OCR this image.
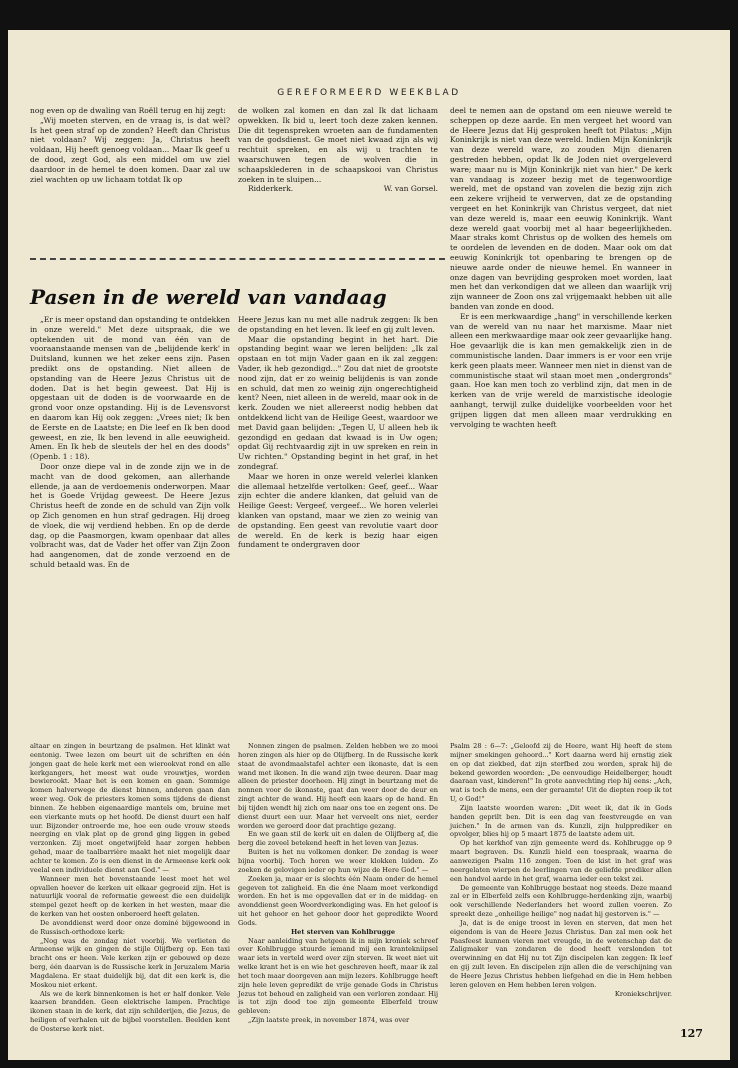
GEREFORMEERD WEEKBLAD

nog even op de dwaling van Roëll terug en hij zegt:

„Wij moeten sterven, en de vraag is, is dat wèl? Is het geen straf op de zonden? Heeft dan Christus niet voldaan? Wij zeggen: Ja, Christus heeft voldaan, Hij heeft genoeg voldaan... Maar Ik geef u de dood, zegt God, als een middel om uw ziel daardoor in de hemel te doen komen. Daar zal uw ziel wachten op uw lichaam totdat Ik op

de wolken zal komen en dan zal Ik dat lichaam opwekken. Ik bid u, leert toch deze zaken kennen. Die dit tegenspreken wroeten aan de fundamenten van de godsdienst. Ge moet niet kwaad zijn als wij rechtuit spreken, en als wij u trachten te waarschuwen tegen de wolven die in schaapsklederen in de schaapskooi van Christus zoeken in te sluipen...

Ridderkerk.	W. van Gorsel.

Pasen in de wereld van vandaag

„Er is meer opstand dan opstanding te ontdekken in onze wereld." Met deze uitspraak, die we optekenden uit de mond van één van de vooraanstaande mensen van de „belijdende kerk' in Duitsland, kunnen we het zeker eens zijn. Pasen predikt ons de opstanding. Niet alleen de opstanding van de Heere Jezus Christus uit de doden. Dat is het begin geweest. Dat Hij is opgestaan uit de doden is de voorwaarde en de grond voor onze opstanding. Hij is de Levensvorst en daarom kan Hij ook zeggen: „Vrees niet; Ik ben de Eerste en de Laatste; en Die leef en Ik ben dood geweest, en zie, Ik ben levend in alle eeuwigheid. Amen. En Ik heb de sleutels der hel en des doods" (Openb. 1 : 18).

Door onze diepe val in de zonde zijn we in de macht van de dood gekomen, aan allerhande ellende, ja aan de verdoemenis onderworpen. Maar het is Goede Vrijdag geweest. De Heere Jezus Christus heeft de zonde en de schuld van Zijn volk op Zich genomen en hun straf gedragen. Hij droeg de vloek, die wij verdiend hebben. En op de derde dag, op die Paasmorgen, kwam openbaar dat alles volbracht was, dat de Vader het offer van Zijn Zoon had aangenomen, dat de zonde verzoend en de schuld betaald was. En de

Heere Jezus kan nu met alle nadruk zeggen: Ik ben de opstanding en het leven. Ik leef en gij zult leven.

Maar die opstanding begint in het hart. Die opstanding begint waar we leren belijden: „Ik zal opstaan en tot mijn Vader gaan en ik zal zeggen: Vader, ik heb gezondigd..." Zou dat niet de grootste nood zijn, dat er zo weinig belijdenis is van zonde en schuld, dat men zo weinig zijn ongerechtigheid kent? Neen, niet alleen in de wereld, maar ook in de kerk. Zouden we niet allereerst nodig hebben dat ontdekkend licht van de Heilige Geest, waardoor we met David gaan belijden: „Tegen U, U alleen heb ik gezondigd en gedaan dat kwaad is in Uw ogen; opdat Gij rechtvaardig zijt in uw spreken en rein in Uw richten." Opstanding begint in het graf, in het zondegraf.

Maar we horen in onze wereld velerlei klanken die allemaal hetzelfde vertolken: Geef, geef... Waar zijn echter die andere klanken, dat geluid van de Heilige Geest: Vergeef, vergeef... We horen velerlei klanken van opstand, maar we zien zo weinig van de opstanding. Een geest van revolutie vaart door de wereld. En de kerk is bezig haar eigen fundament te ondergraven door

deel te nemen aan de opstand om een nieuwe wereld te scheppen op deze aarde. En men vergeet het woord van de Heere Jezus dat Hij gesproken heeft tot Pilatus: „Mijn Koninkrijk is niet van deze wereld. Indien Mijn Koninkrijk van deze wereld ware, zo zouden Mijn dienaren gestreden hebben, opdat Ik de Joden niet overgeleverd ware; maar nu is Mijn Koninkrijk niet van hier." De kerk van vandaag is zozeer bezig met de tegenwoordige wereld, met de opstand van zovelen die bezig zijn zich een zekere vrijheid te verwerven, dat ze de opstanding vergeet en het Koninkrijk van Christus vergeet, dat niet van deze wereld is, maar een eeuwig Koninkrijk. Want deze wereld gaat voorbij met al haar begeerlijkheden. Maar straks komt Christus op de wolken des hemels om te oordelen de levenden en de doden. Maar ook om dat eeuwig Koninkrijk tot openbaring te brengen op de nieuwe aarde onder de nieuwe hemel. En wanneer in onze dagen van bevrijding gesproken moet worden, laat men het dan verkondigen dat we alleen dan waarlijk vrij zijn wanneer de Zoon ons zal vrijgemaakt hebben uit alle banden van zonde en dood.

Er is een merkwaardige „hang" in verschillende kerken van de wereld van nu naar het marxisme. Maar niet alleen een merkwaardige maar ook zeer gevaarlijke hang. Hoe gevaarlijk die is kan men gemakkelijk zien in de communistische landen. Daar immers is er voor een vrije kerk geen plaats meer. Wanneer men niet in dienst van de communistische staat wil staan moet men „ondergronds" gaan. Hoe kan men toch zo verblind zijn, dat men in de kerken van de vrije wereld de marxistische ideologie aanhangt, terwijl zulke duidelijke voorbeelden voor het grijpen liggen dat men alleen maar verdrukking en vervolging te wachten heeft

altaar en zingen in beurtzang de psalmen. Het klinkt wat eentonig. Twee lezen om beurt uit de schriften en één jongen gaat de hele kerk met een wierookvat rond en alle kerkgangers, het meest wat oude vrouwtjes, worden bewierookt. Maar het is een komen en gaan. Sommige komen halverwege de dienst binnen, anderen gaan dan weer weg. Ook de priesters komen soms tijdens de dienst binnen. Ze hebben eigenaardige mantels om, bruine met een vierkante muts op het hoofd. De dienst duurt een half uur. Bijzonder ontroerde me, hoe een oude vrouw steeds neerging en vlak plat op de grond ging liggen in gebed verzonken. Zij moet ongetwijfeld haar zorgen hebben gehad, maar de taalbarrière maakt het niet mogelijk daar achter te komen. Zo is een dienst in de Armeense kerk ook veelal een individuele dienst aan God." —

Wanneer men het bovenstaande leest moet het wel opvallen hoever de kerken uit elkaar gegroeid zijn. Het is natuurlijk vooral de reformatie geweest die een duidelijk stempel gezet heeft op de kerken in het westen, maar die de kerken van het oosten onberoerd heeft gelaten.

De avonddienst werd door onze dominé bijgewoond in de Russisch-orthodoxe kerk:

„Nog was de zondag niet voorbij. We verlieten de Armeense wijk en gingen de stijle Olijfberg op. Een taxi bracht ons er heen. Vele kerken zijn er gebouwd op deze berg, één daarvan is de Russische kerk in Jeruzalem Maria Magdalena. Er staat duidelijk bij, dat dit een kerk is, die Moskou niet erkent.

Als we de kerk binnenkomen is het er half donker. Vele kaarsen brandden. Geen elektrische lampen. Prachtige ikonen staan in de kerk, dat zijn schilderijen, die Jezus, de heiligen of verhalen uit de bijbel voorstellen. Beelden kent de Oosterse kerk niet.

Nonnen zingen de psalmen. Zelden hebben we zo mooi horen zingen als hier op de Olijfberg. In de Russische kerk staat de avondmaalstafel achter een ikonaste, dat is een wand met ikonen. In die wand zijn twee deuren. Daar mag alleen de priester doorheen. Hij zingt in beurtzang met de nonnen voor de ikonaste, gaat dan weer door de deur en zingt achter de wand. Hij heeft een kaars op de hand. En bij tijden wendt hij zich om naar ons toe en zegent ons. De dienst duurt een uur. Maar het verveelt ons niet, eerder worden we geroerd door dat prachtige gezang.

En we gaan stil de kerk uit en dalen de Olijfberg af, die berg die zoveel betekend heeft in het leven van Jezus.

Buiten is het nu volkomen donker. De zondag is weer bijna voorbij. Toch horen we weer klokken luiden. Zo zoeken de gelovigen ieder op hun wijze de Here God." —

Zoeken ja, maar er is slechts één Naam onder de hemel gegeven tot zaligheid. En die éne Naam moet verkondigd worden. En het is me opgevallen dat er in de middag- en avonddienst geen Woordverkondiging was. En het geloof is uit het gehoor en het gehoor door het gepredikte Woord Gods.

Het sterven van Kohlbrugge

Naar aanleiding van hetgeen ik in mijn kroniek schreef over Kohlbrugge stuurde iemand mij een krantekniipsel waar iets in verteld werd over zijn sterven. Ik weet niet uit welke krant het is en wie het geschreven heeft, maar ik zal het toch maar doorgeven aan mijn lezers. Kohlbrugge heeft zijn hele leven gepredikt de vrije genade Gods in Christus Jezus tot behoud en zaligheid van een verloren zondaar. Hij is tot zijn dood toe zijn gemeente Elberfeld trouw gebleven:

„Zijn laatste preek, in november 1874, was over

Psalm 28 : 6—7: „Geloofd zij de Heere, want Hij heeft de stem mijner smekingen gehoord..." Kort daarna werd hij ernstig ziek en op dat ziekbed, dat zijn sterfbed zou worden, sprak hij de bekend geworden woorden: „De eenvoudige Heidelberger, houdt daaraan vast, kinderen!" In grote aanvechting riep hij eens: „Ach, wat is toch de mens, een der geraamte! Uit de diepten roep ik tot U, o God!"

Zijn laatste woorden waren: „Dit weet ik, dat ik in Gods handen geprilt ben. Dit is een dag van feestvreugde en van juichen." In de armen van ds. Kunzli, zijn hulpprediker en opvolger, blies hij op 5 maart 1875 de laatste adem uit.

Op het kerkhof van zijn gemeente werd ds. Kohlbrugge op 9 maart begraven. Ds. Kunzli hield een toespraak, waarna de aanwezigen Psalm 116 zongen. Toen de kist in het graf was neergelaten wierpen de leerlingen van de geliefde prediker allen een handvol aarde in het graf, waarna ieder een tekst zei.

De gemeente van Kohlbrugge bestaat nog steeds. Deze maand zal er in Elberfeld zelfs een Kohlbrugge-herdenking zijn, waarbij ook verschillende Nederlanders het woord zullen voeren. Zo spreekt deze „onheilige heilige" nog nadat hij gestorven is." —

Ja, dat is de enige troost in leven en sterven, dat men het eigendom is van de Heere Jezus Christus. Dan zal men ook het Paasfeest kunnen vieren met vreugde, in de wetenschap dat de Zaligmaker van zondaren de dood heeft verslonden tot overwinning en dat Hij nu tot Zijn discipelen kan zeggen: Ik leef en gij zult leven. En discipelen zijn allen die de verschijning van de Heere Jezus Christus hebben liefgehad en die in Hem hebben leren geloven en Hem hebben leren volgen.

Kroniekschrijver.

127
